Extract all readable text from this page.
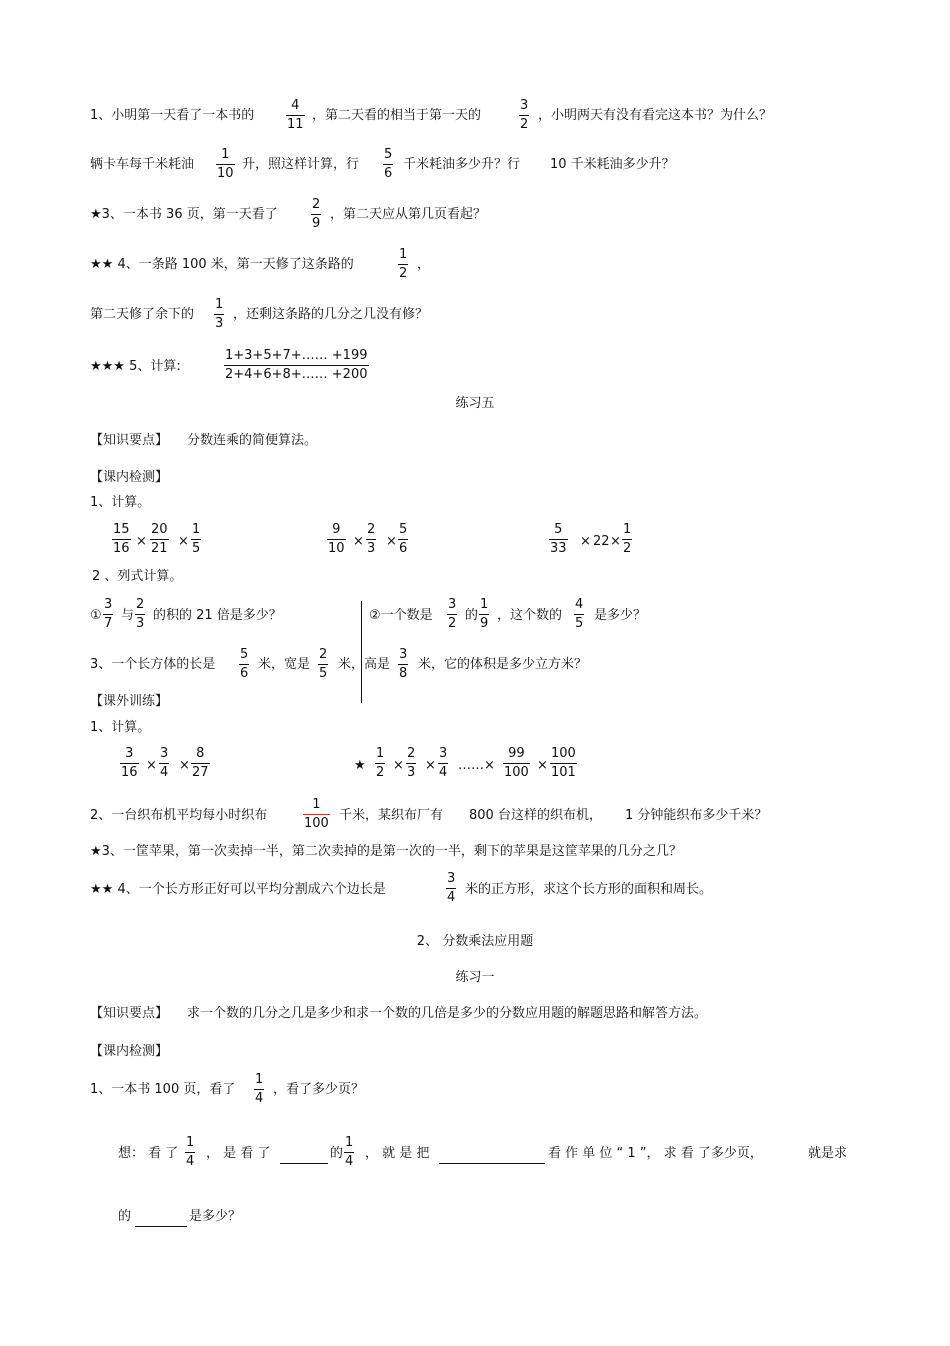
1、小明第一天看了一本书的
4
11
，第二天看的相当于第一天的
3
2
，小明两天有没有看完这本书？为什么？
辆卡车每千米耗油
1
10
升，照这样计算，行
5
6
千米耗油多少升？行 10 千米耗油多少升？
★3、一本书 36 页，第一天看了
2
9
，第二天应从第几页看起？
★★ 4、一条路 100 米，第一天修了这条路的
1
2
，
第二天修了余下的
1
3
，还剩这条路的几分之几没有修？
★★★ 5、计算:
1+3+5+7+…… +199
2+4+6+8+…… +200
练习五
【知识要点】 分数连乘的简便算法。
【课内检测】
1、计算。
15
16 ×
20
21 ×
1
5
9
10 ×
2
3 ×
5
6
5
33 × 22 ×
1
2
2 、列式计算。
①
3
7
与
2
3
的积的 21 倍是多少？	②一个数是
3
2
的
1
9
，这个数的
4
5
是多少？
3、一个长方体的长是
5
6
米，宽是
2
5
米，高是
3
8
米，它的体积是多少立方米？
【课外训练】
1、计算。
3
16 ×
3
4 ×
8
27	★
1
2 ×
2
3 ×
3
4 ……×
99
100 ×
100
101
2、一台织布机平均每小时织布
1
100
千米，某织布厂有 800 台这样的织布机， 1 分钟能织布多少千米？
★3、一筐苹果，第一次卖掉一半，第二次卖掉的是第一次的一半，剩下的苹果是这筐苹果的几分之几？
★★ 4、一个长方形正好可以平均分割成六个边长是
3
4
米的正方形，求这个长方形的面积和周长。
2、 分数乘法应用题
练习一
【知识要点】 求一个数的几分之几是多少和求一个数的几倍是多少的分数应用题的解题思路和解答方法。
【课内检测】
1、一本书 100 页，看了
1
4
，看了多少页？
想： 看 了
1
4
， 是 看 了	的
1
4
， 就 是 把	看 作 单 位 “ 1 ”， 求 看 了多少页，	就是求
的	是多少？
